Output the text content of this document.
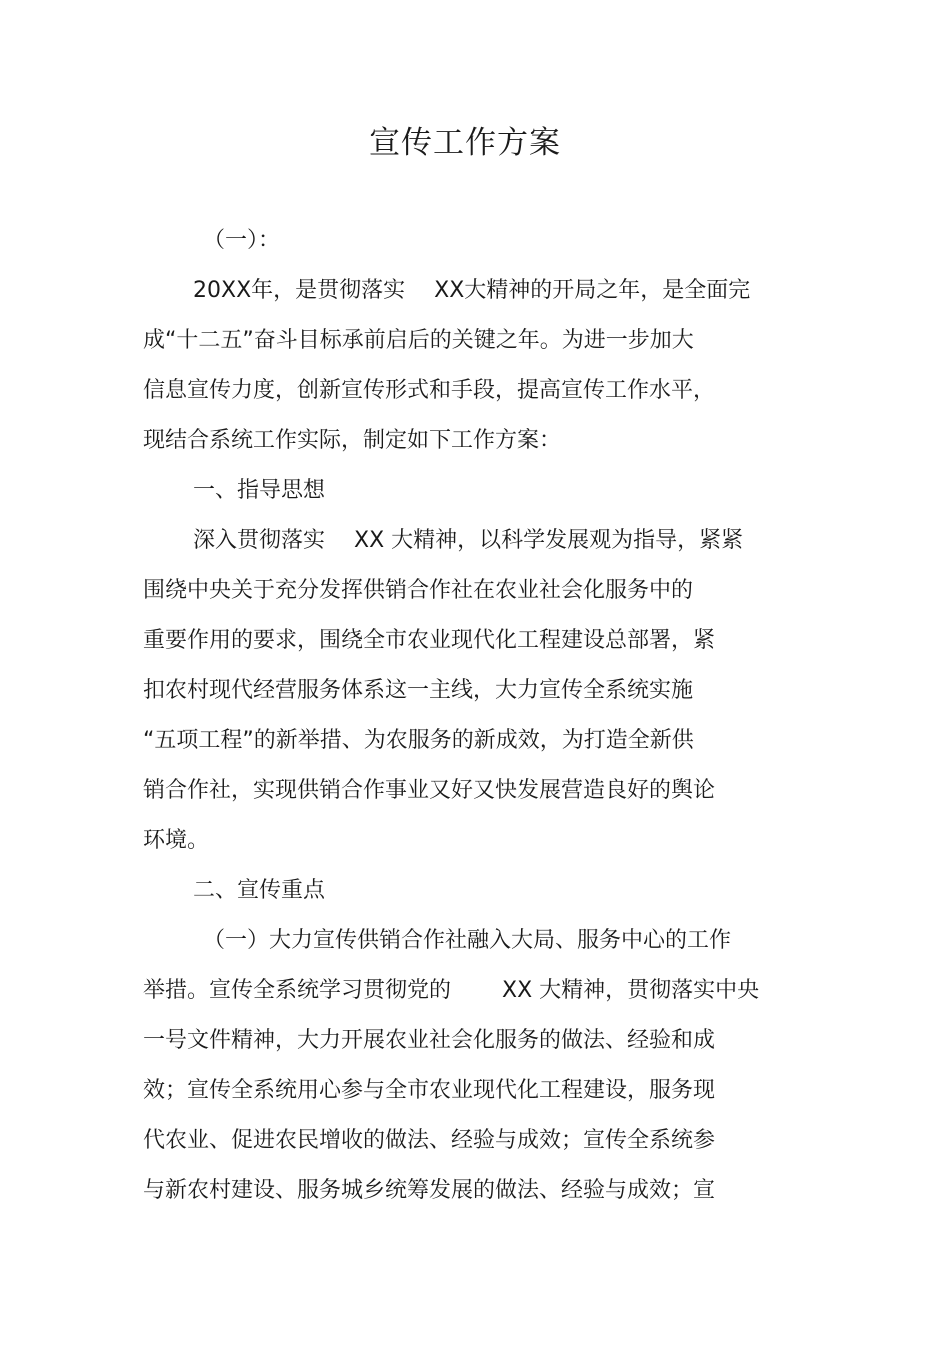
宣传工作方案
（一）：
20XX年，是贯彻落实　 XX大精神的开局之年，是全面完
成“十二五”奋斗目标承前启后的关键之年。为进一步加大
信息宣传力度，创新宣传形式和手段，提高宣传工作水平，
现结合系统工作实际，制定如下工作方案：
一、指导思想
深入贯彻落实　 XX 大精神，以科学发展观为指导，紧紧
围绕中央关于充分发挥供销合作社在农业社会化服务中的
重要作用的要求，围绕全市农业现代化工程建设总部署，紧
扣农村现代经营服务体系这一主线，大力宣传全系统实施
“五项工程”的新举措、为农服务的新成效，为打造全新供
销合作社，实现供销合作事业又好又快发展营造良好的舆论
环境。
二、宣传重点
（一）大力宣传供销合作社融入大局、服务中心的工作
举措。宣传全系统学习贯彻党的　　 XX 大精神，贯彻落实中央
一号文件精神，大力开展农业社会化服务的做法、经验和成
效；宣传全系统用心参与全市农业现代化工程建设，服务现
代农业、促进农民增收的做法、经验与成效；宣传全系统参
与新农村建设、服务城乡统筹发展的做法、经验与成效；宣
